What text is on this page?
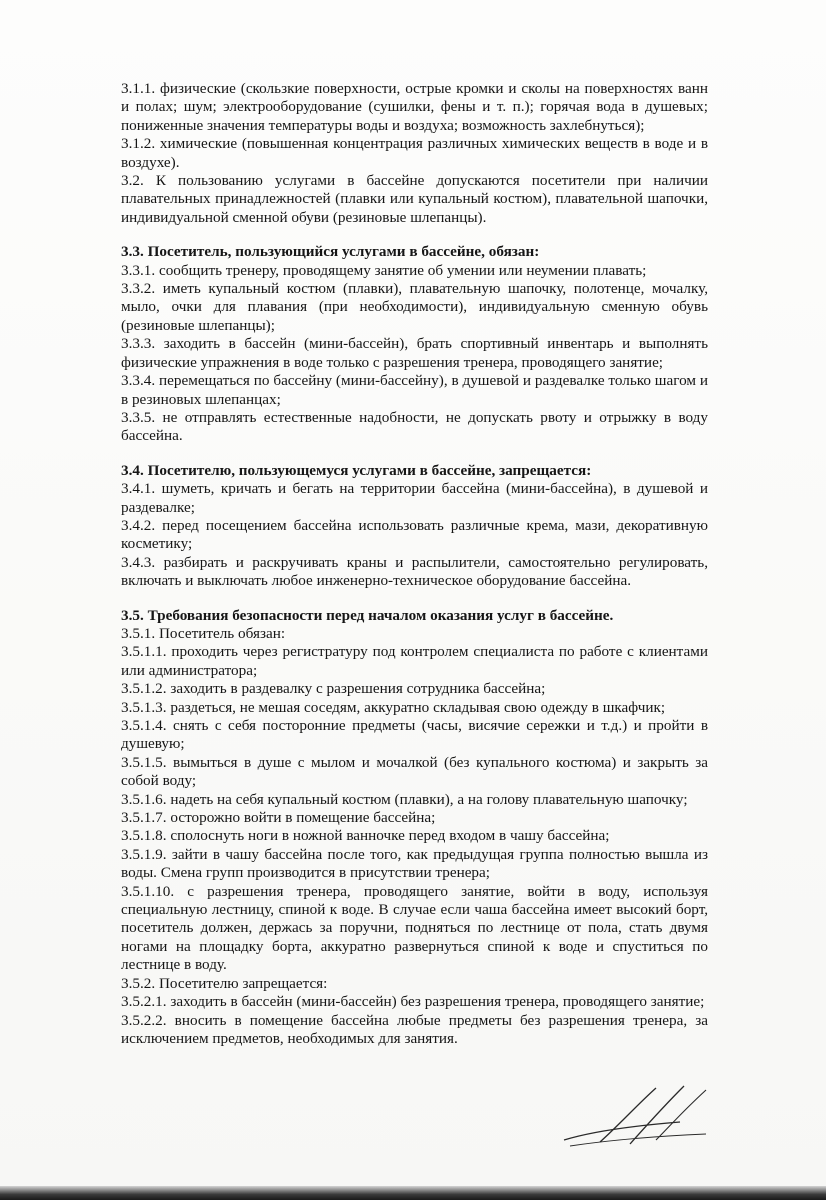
3.1.1. физические (скользкие поверхности, острые кромки и сколы на поверхностях ванн и полах; шум; электрооборудование (сушилки, фены и т. п.); горячая вода в душевых; пониженные значения температуры воды и воздуха; возможность захлебнуться);

3.1.2. химические (повышенная концентрация различных химических веществ в воде и в воздухе).

3.2. К пользованию услугами в бассейне допускаются посетители при наличии плавательных принадлежностей (плавки или купальный костюм), плавательной шапочки, индивидуальной сменной обуви (резиновые шлепанцы).

3.3. Посетитель, пользующийся услугами в бассейне, обязан:

3.3.1. сообщить тренеру, проводящему занятие об умении или неумении плавать;

3.3.2. иметь купальный костюм (плавки), плавательную шапочку, полотенце, мочалку, мыло, очки для плавания (при необходимости), индивидуальную сменную обувь (резиновые шлепанцы);

3.3.3. заходить в бассейн (мини-бассейн), брать спортивный инвентарь и выполнять физические упражнения в воде только с разрешения тренера, проводящего занятие;

3.3.4. перемещаться по бассейну (мини-бассейну), в душевой и раздевалке только шагом и в резиновых шлепанцах;

3.3.5. не отправлять естественные надобности, не допускать рвоту и отрыжку в воду бассейна.

3.4. Посетителю, пользующемуся услугами в бассейне, запрещается:

3.4.1. шуметь, кричать и бегать на территории бассейна (мини-бассейна), в душевой и раздевалке;

3.4.2. перед посещением бассейна использовать различные крема, мази, декоративную косметику;

3.4.3. разбирать и раскручивать краны и распылители, самостоятельно регулировать, включать и выключать любое инженерно-техническое оборудование бассейна.

3.5. Требования безопасности перед началом оказания услуг в бассейне.

3.5.1. Посетитель обязан:

3.5.1.1. проходить через регистратуру под контролем специалиста по работе с клиентами или администратора;

3.5.1.2. заходить в раздевалку с разрешения сотрудника бассейна;

3.5.1.3. раздеться, не мешая соседям, аккуратно складывая свою одежду в шкафчик;

3.5.1.4. снять с себя посторонние предметы (часы, висячие сережки и т.д.) и пройти в душевую;

3.5.1.5. вымыться в душе с мылом и мочалкой (без купального костюма) и закрыть за собой воду;

3.5.1.6. надеть на себя купальный костюм (плавки), а на голову плавательную шапочку;

3.5.1.7. осторожно войти в помещение бассейна;

3.5.1.8. сполоснуть ноги в ножной ванночке перед входом в чашу бассейна;

3.5.1.9. зайти в чашу бассейна после того, как предыдущая группа полностью вышла из воды. Смена групп производится в присутствии тренера;

3.5.1.10. с разрешения тренера, проводящего занятие, войти в воду, используя специальную лестницу, спиной к воде. В случае если чаша бассейна имеет высокий борт, посетитель должен, держась за поручни, подняться по лестнице от пола, стать двумя ногами на площадку борта, аккуратно развернуться спиной к воде и спуститься по лестнице в воду.

3.5.2. Посетителю запрещается:

3.5.2.1. заходить в бассейн (мини-бассейн) без разрешения тренера, проводящего занятие;

3.5.2.2. вносить в помещение бассейна любые предметы без разрешения тренера, за исключением предметов, необходимых для занятия.
